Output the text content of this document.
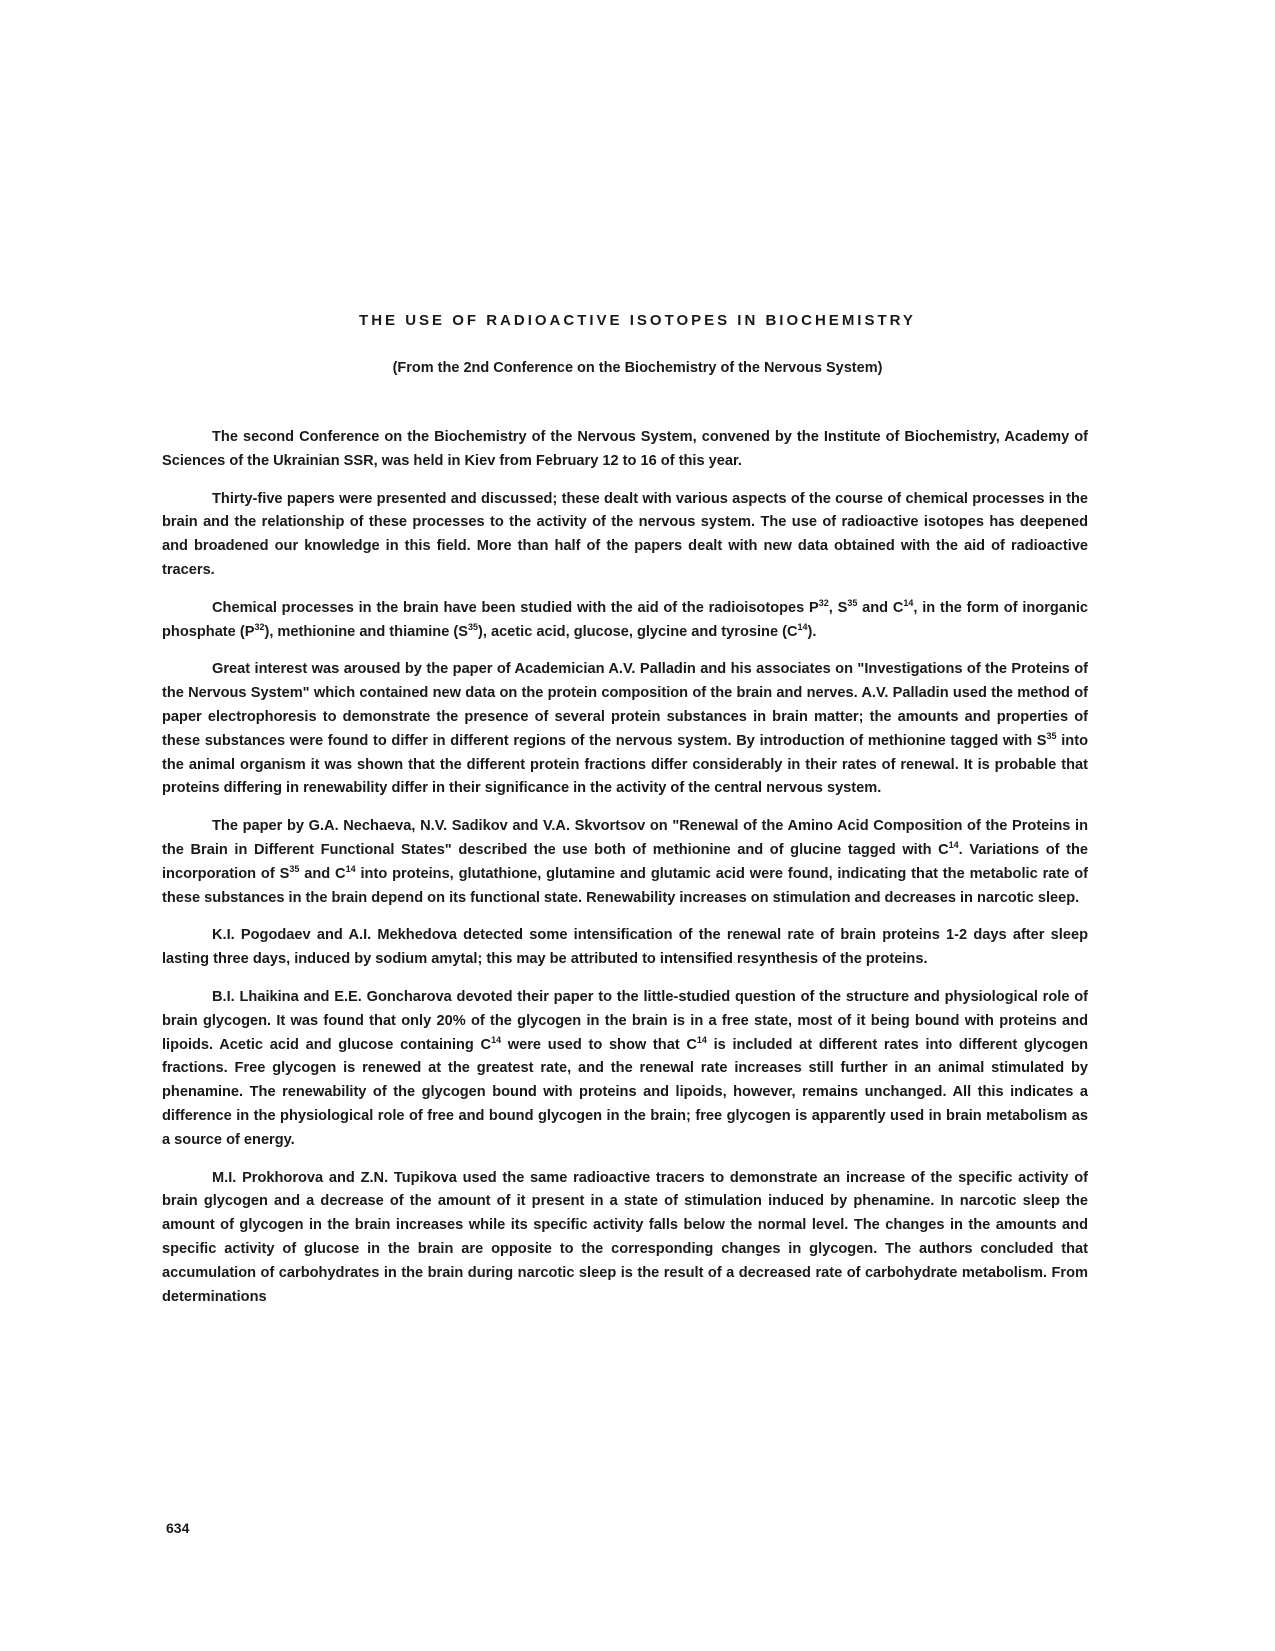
THE USE OF RADIOACTIVE ISOTOPES IN BIOCHEMISTRY
(From the 2nd Conference on the Biochemistry of the Nervous System)

The second Conference on the Biochemistry of the Nervous System, convened by the Institute of Biochemistry, Academy of Sciences of the Ukrainian SSR, was held in Kiev from February 12 to 16 of this year.

Thirty-five papers were presented and discussed; these dealt with various aspects of the course of chemical processes in the brain and the relationship of these processes to the activity of the nervous system. The use of radioactive isotopes has deepened and broadened our knowledge in this field. More than half of the papers dealt with new data obtained with the aid of radioactive tracers.

Chemical processes in the brain have been studied with the aid of the radioisotopes $P^{32}$, $S^{35}$ and $C^{14}$, in the form of inorganic phosphate $(P^{32})$, methionine and thiamine $(S^{35})$, acetic acid, glucose, glycine and tyrosine $(C^{14})$.

Great interest was aroused by the paper of Academician A.V. Palladin and his associates on "Investigations of the Proteins of the Nervous System" which contained new data on the protein composition of the brain and nerves. A.V. Palladin used the method of paper electrophoresis to demonstrate the presence of several protein substances in brain matter; the amounts and properties of these substances were found to differ in different regions of the nervous system. By introduction of methionine tagged with $S^{35}$ into the animal organism it was shown that the different protein fractions differ considerably in their rates of renewal. It is probable that proteins differing in renewability differ in their significance in the activity of the central nervous system.

The paper by G.A. Nechaeva, N.V. Sadikov and V.A. Skvortsov on "Renewal of the Amino Acid Composition of the Proteins in the Brain in Different Functional States" described the use both of methionine and of glucine tagged with $C^{14}$. Variations of the incorporation of $S^{35}$ and $C^{14}$ into proteins, glutathione, glutamine and glutamic acid were found, indicating that the metabolic rate of these substances in the brain depend on its functional state. Renewability increases on stimulation and decreases in narcotic sleep.

K.I. Pogodaev and A.I. Mekhedova detected some intensification of the renewal rate of brain proteins 1-2 days after sleep lasting three days, induced by sodium amytal; this may be attributed to intensified resynthesis of the proteins.

B.I. Lhaikina and E.E. Goncharova devoted their paper to the little-studied question of the structure and physiological role of brain glycogen. It was found that only 20% of the glycogen in the brain is in a free state, most of it being bound with proteins and lipoids. Acetic acid and glucose containing $C^{14}$ were used to show that $C^{14}$ is included at different rates into different glycogen fractions. Free glycogen is renewed at the greatest rate, and the renewal rate increases still further in an animal stimulated by phenamine. The renewability of the glycogen bound with proteins and lipoids, however, remains unchanged. All this indicates a difference in the physiological role of free and bound glycogen in the brain; free glycogen is apparently used in brain metabolism as a source of energy.

M.I. Prokhorova and Z.N. Tupikova used the same radioactive tracers to demonstrate an increase of the specific activity of brain glycogen and a decrease of the amount of it present in a state of stimulation induced by phenamine. In narcotic sleep the amount of glycogen in the brain increases while its specific activity falls below the normal level. The changes in the amounts and specific activity of glucose in the brain are opposite to the corresponding changes in glycogen. The authors concluded that accumulation of carbohydrates in the brain during narcotic sleep is the result of a decreased rate of carbohydrate metabolism. From determinations

634
